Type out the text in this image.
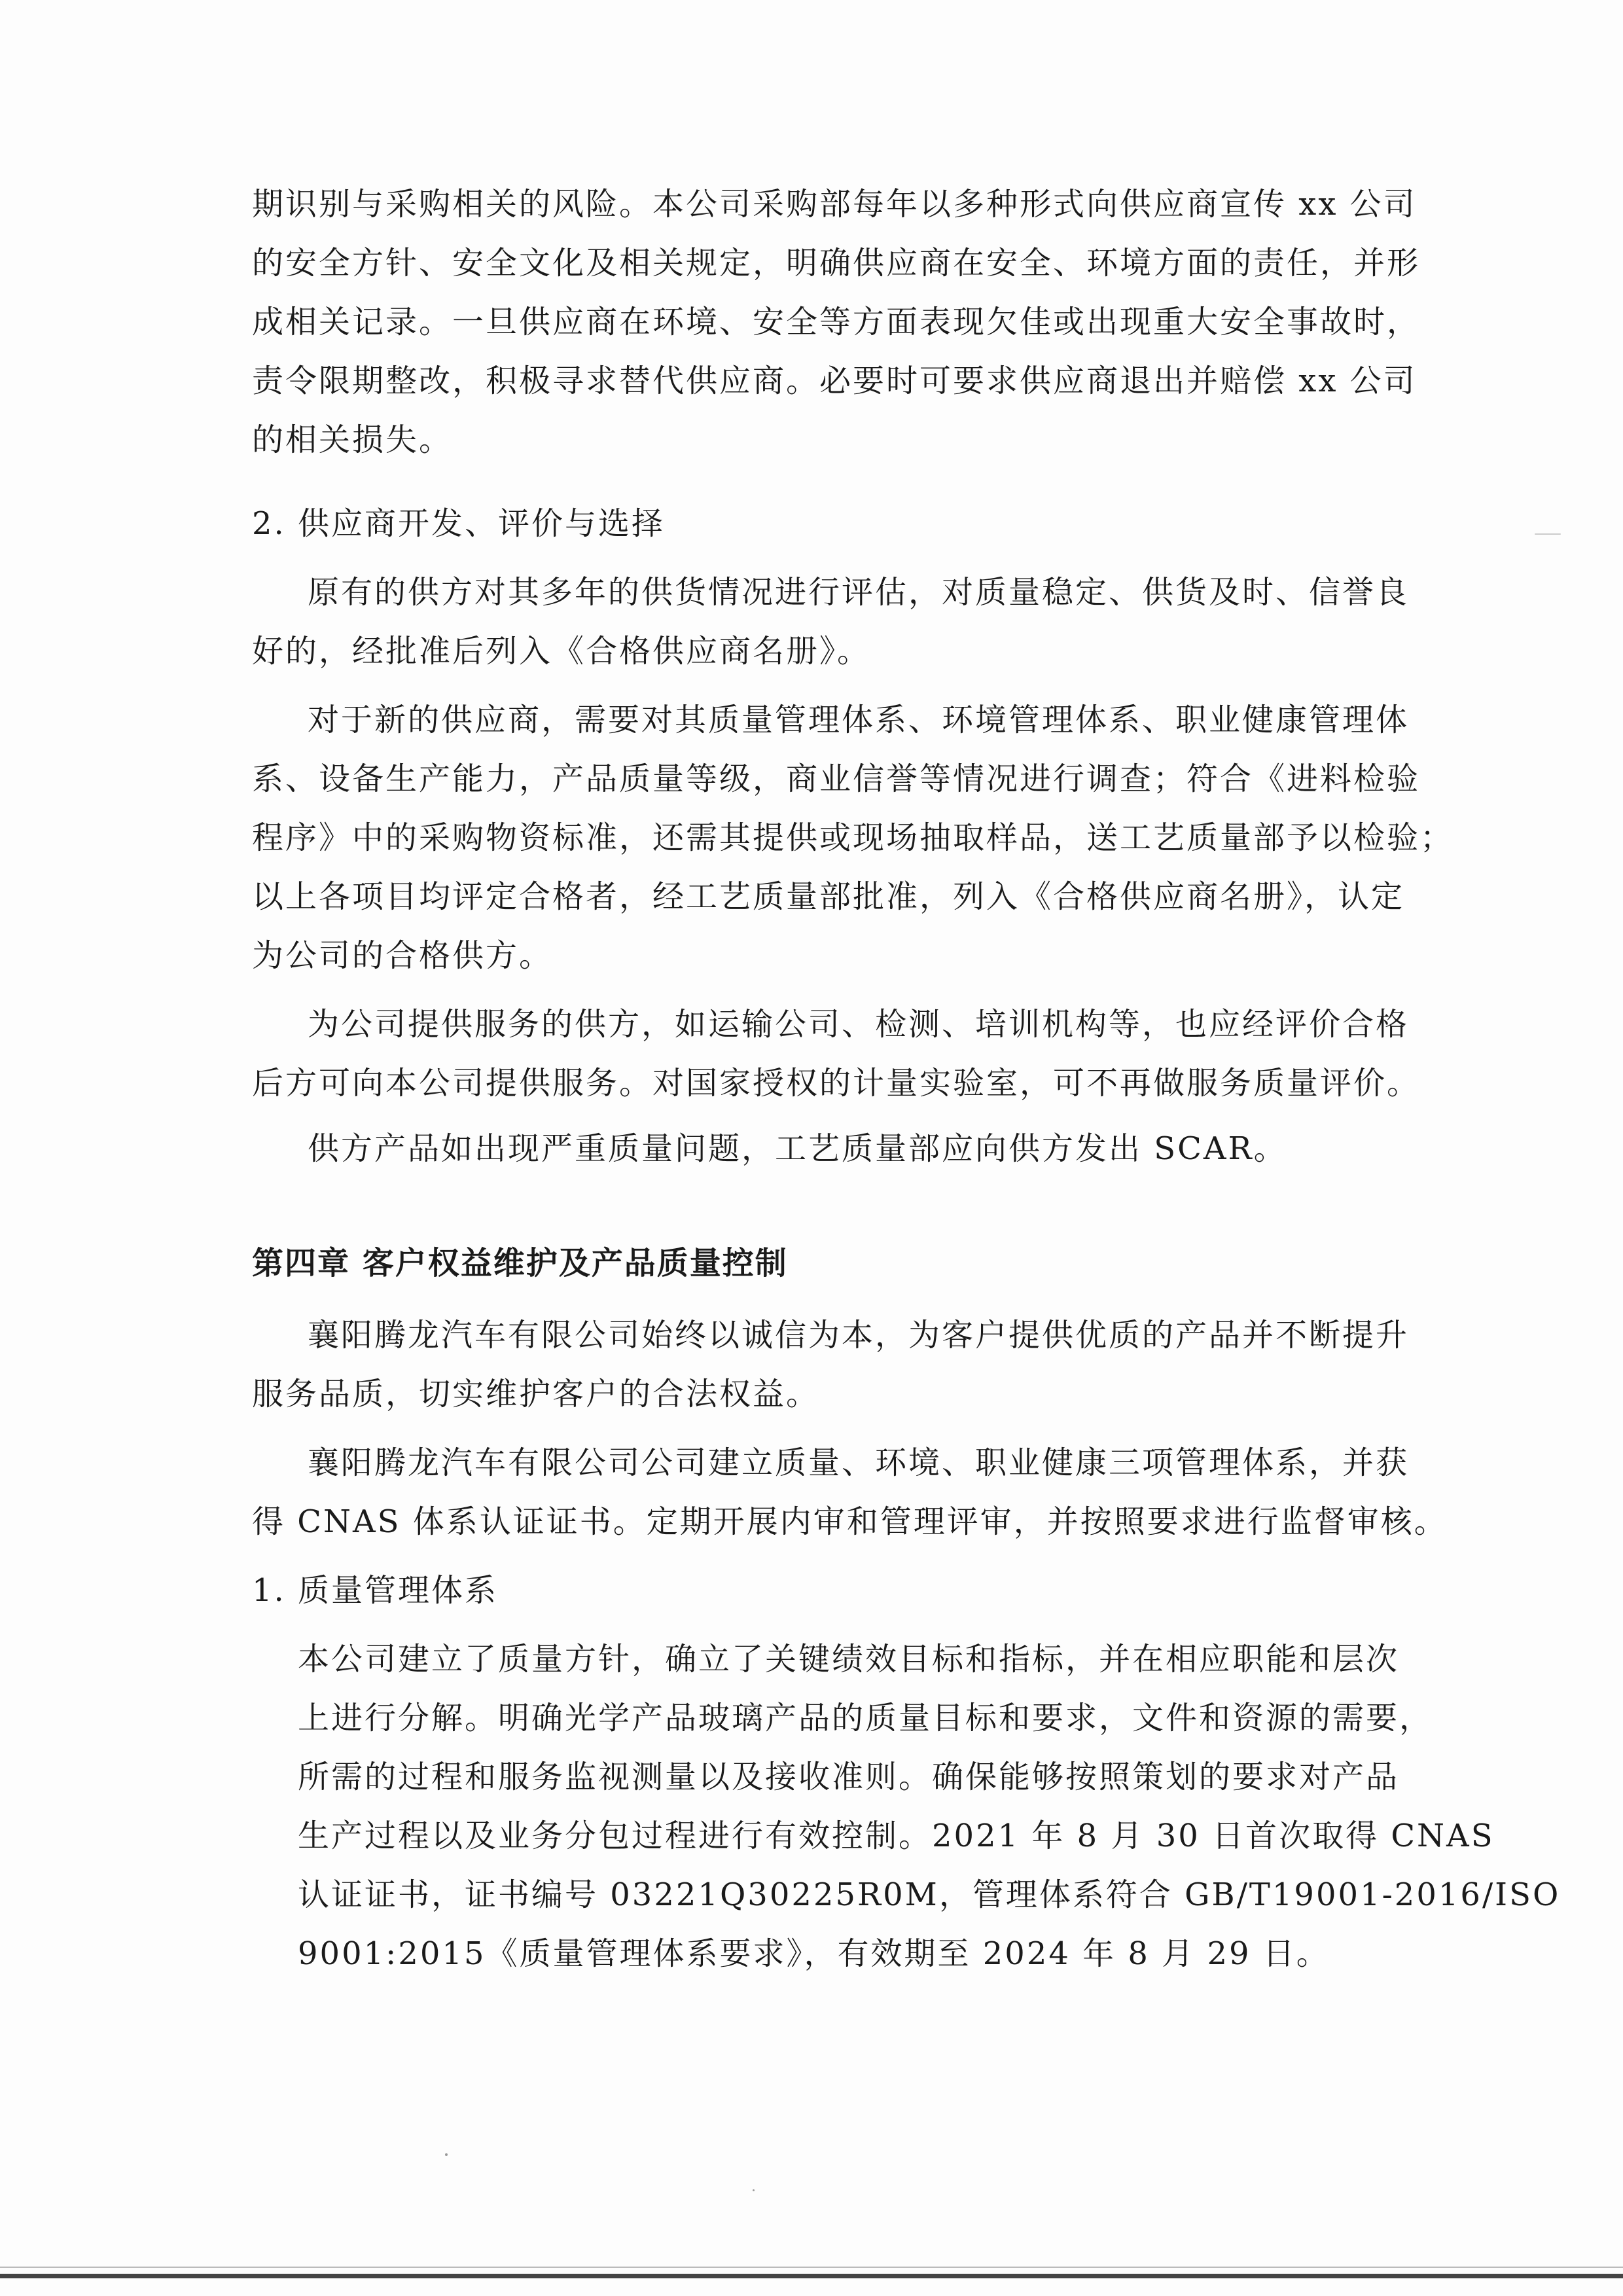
期识别与采购相关的风险。本公司采购部每年以多种形式向供应商宣传 xx 公司
的安全方针、安全文化及相关规定，明确供应商在安全、环境方面的责任，并形
成相关记录。一旦供应商在环境、安全等方面表现欠佳或出现重大安全事故时，
责令限期整改，积极寻求替代供应商。必要时可要求供应商退出并赔偿 xx 公司
的相关损失。
2. 供应商开发、评价与选择
原有的供方对其多年的供货情况进行评估，对质量稳定、供货及时、信誉良
好的，经批准后列入《合格供应商名册》。
对于新的供应商，需要对其质量管理体系、环境管理体系、职业健康管理体
系、设备生产能力，产品质量等级，商业信誉等情况进行调查；符合《进料检验
程序》中的采购物资标准，还需其提供或现场抽取样品，送工艺质量部予以检验；
以上各项目均评定合格者，经工艺质量部批准，列入《合格供应商名册》，认定
为公司的合格供方。
为公司提供服务的供方，如运输公司、检测、培训机构等，也应经评价合格
后方可向本公司提供服务。对国家授权的计量实验室，可不再做服务质量评价。
供方产品如出现严重质量问题，工艺质量部应向供方发出 SCAR。
第四章 客户权益维护及产品质量控制
襄阳腾龙汽车有限公司始终以诚信为本，为客户提供优质的产品并不断提升
服务品质，切实维护客户的合法权益。
襄阳腾龙汽车有限公司公司建立质量、环境、职业健康三项管理体系，并获
得 CNAS 体系认证证书。定期开展内审和管理评审，并按照要求进行监督审核。
1. 质量管理体系
本公司建立了质量方针，确立了关键绩效目标和指标，并在相应职能和层次
上进行分解。明确光学产品玻璃产品的质量目标和要求，文件和资源的需要，
所需的过程和服务监视测量以及接收准则。确保能够按照策划的要求对产品
生产过程以及业务分包过程进行有效控制。2021 年 8 月 30 日首次取得 CNAS
认证证书，证书编号 03221Q30225R0M，管理体系符合 GB/T19001-2016/ISO
9001:2015《质量管理体系要求》，有效期至 2024 年 8 月 29 日。
